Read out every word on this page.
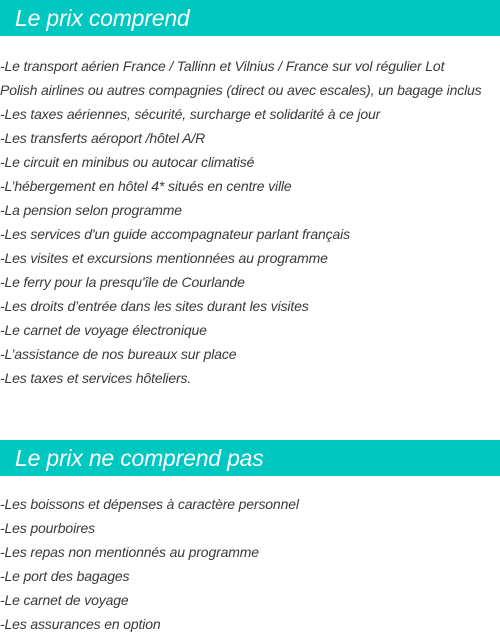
Le prix comprend
-Le transport aérien France / Tallinn et Vilnius / France sur vol régulier Lot
Polish airlines ou autres compagnies (direct ou avec escales), un bagage inclus
-Les taxes aériennes, sécurité, surcharge et solidarité à ce jour
-Les transferts aéroport /hôtel A/R
-Le circuit en minibus ou autocar climatisé
-L’hébergement en hôtel 4* situés en centre ville
-La pension selon programme
-Les services d'un guide accompagnateur parlant français
-Les visites et excursions mentionnées au programme
-Le ferry pour la presqu'île de Courlande
-Les droits d’entrée dans les sites durant les visites
-Le carnet de voyage électronique
-L’assistance de nos bureaux sur place
-Les taxes et services hôteliers.
Le prix ne comprend pas
-Les boissons et dépenses à caractère personnel
-Les pourboires
-Les repas non mentionnés au programme
-Le port des bagages
-Le carnet de voyage
-Les assurances en option
